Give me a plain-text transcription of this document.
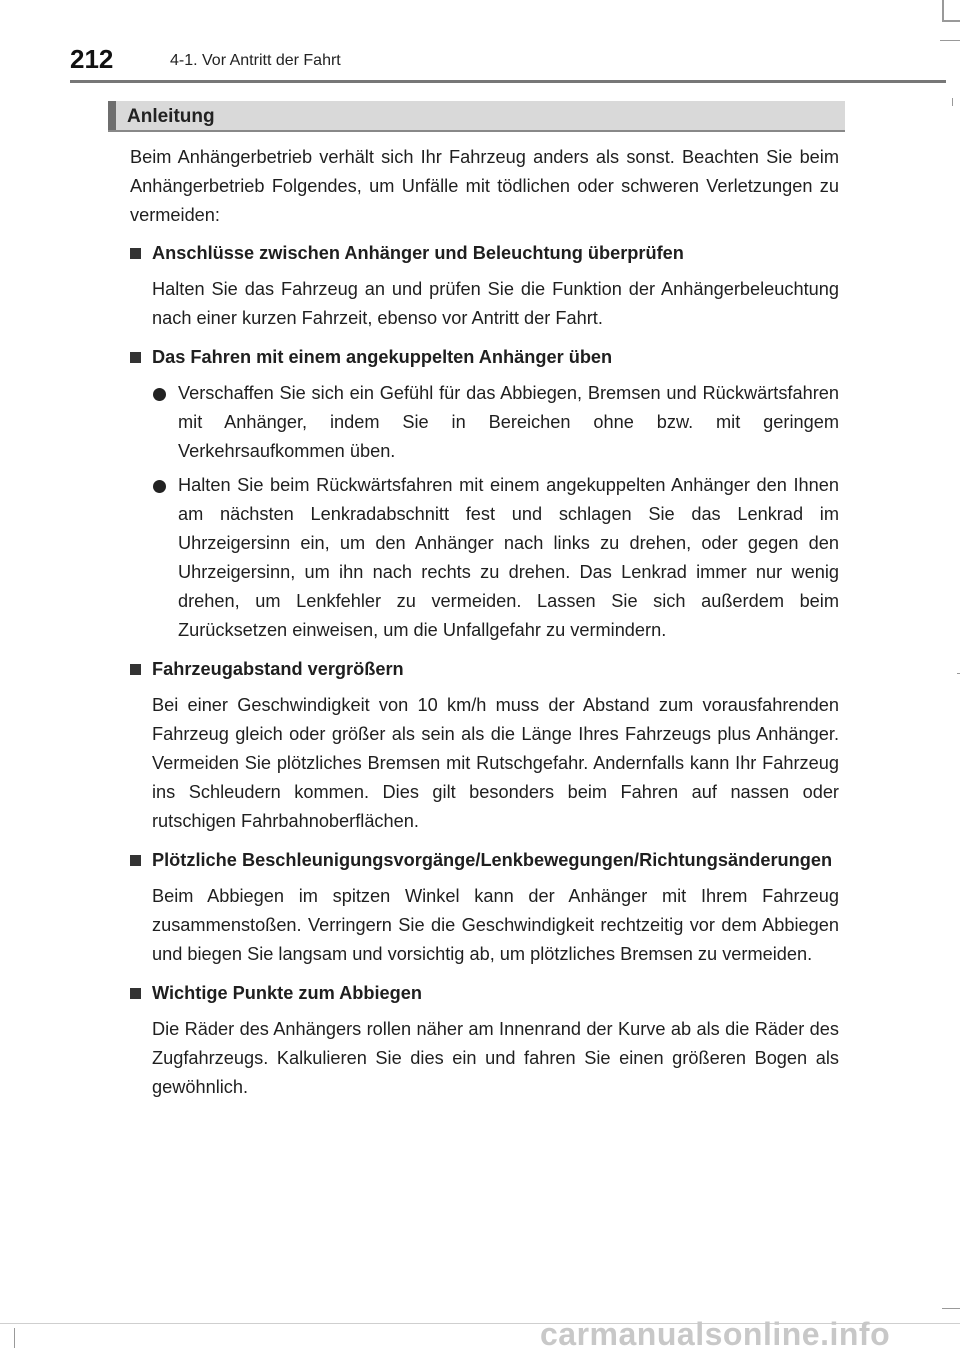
212	4-1. Vor Antritt der Fahrt
Anleitung

Beim Anhängerbetrieb verhält sich Ihr Fahrzeug anders als sonst. Beachten Sie beim Anhängerbetrieb Folgendes, um Unfälle mit tödlichen oder schweren Verletzungen zu vermeiden:

Anschlüsse zwischen Anhänger und Beleuchtung überprüfen

Halten Sie das Fahrzeug an und prüfen Sie die Funktion der Anhängerbeleuchtung nach einer kurzen Fahrzeit, ebenso vor Antritt der Fahrt.

Das Fahren mit einem angekuppelten Anhänger üben

Verschaffen Sie sich ein Gefühl für das Abbiegen, Bremsen und Rückwärtsfahren mit Anhänger, indem Sie in Bereichen ohne bzw. mit geringem Verkehrsaufkommen üben.

Halten Sie beim Rückwärtsfahren mit einem angekuppelten Anhänger den Ihnen am nächsten Lenkradabschnitt fest und schlagen Sie das Lenkrad im Uhrzeigersinn ein, um den Anhänger nach links zu drehen, oder gegen den Uhrzeigersinn, um ihn nach rechts zu drehen. Das Lenkrad immer nur wenig drehen, um Lenkfehler zu vermeiden. Lassen Sie sich außerdem beim Zurücksetzen einweisen, um die Unfallgefahr zu vermindern.

Fahrzeugabstand vergrößern

Bei einer Geschwindigkeit von 10 km/h muss der Abstand zum vorausfahrenden Fahrzeug gleich oder größer als sein als die Länge Ihres Fahrzeugs plus Anhänger. Vermeiden Sie plötzliches Bremsen mit Rutschgefahr. Andernfalls kann Ihr Fahrzeug ins Schleudern kommen. Dies gilt besonders beim Fahren auf nassen oder rutschigen Fahrbahnoberflächen.

Plötzliche Beschleunigungsvorgänge/Lenkbewegungen/Richtungsänderungen

Beim Abbiegen im spitzen Winkel kann der Anhänger mit Ihrem Fahrzeug zusammenstoßen. Verringern Sie die Geschwindigkeit rechtzeitig vor dem Abbiegen und biegen Sie langsam und vorsichtig ab, um plötzliches Bremsen zu vermeiden.

Wichtige Punkte zum Abbiegen

Die Räder des Anhängers rollen näher am Innenrand der Kurve ab als die Räder des Zugfahrzeugs. Kalkulieren Sie dies ein und fahren Sie einen größeren Bogen als gewöhnlich.

carmanualsonline.info
